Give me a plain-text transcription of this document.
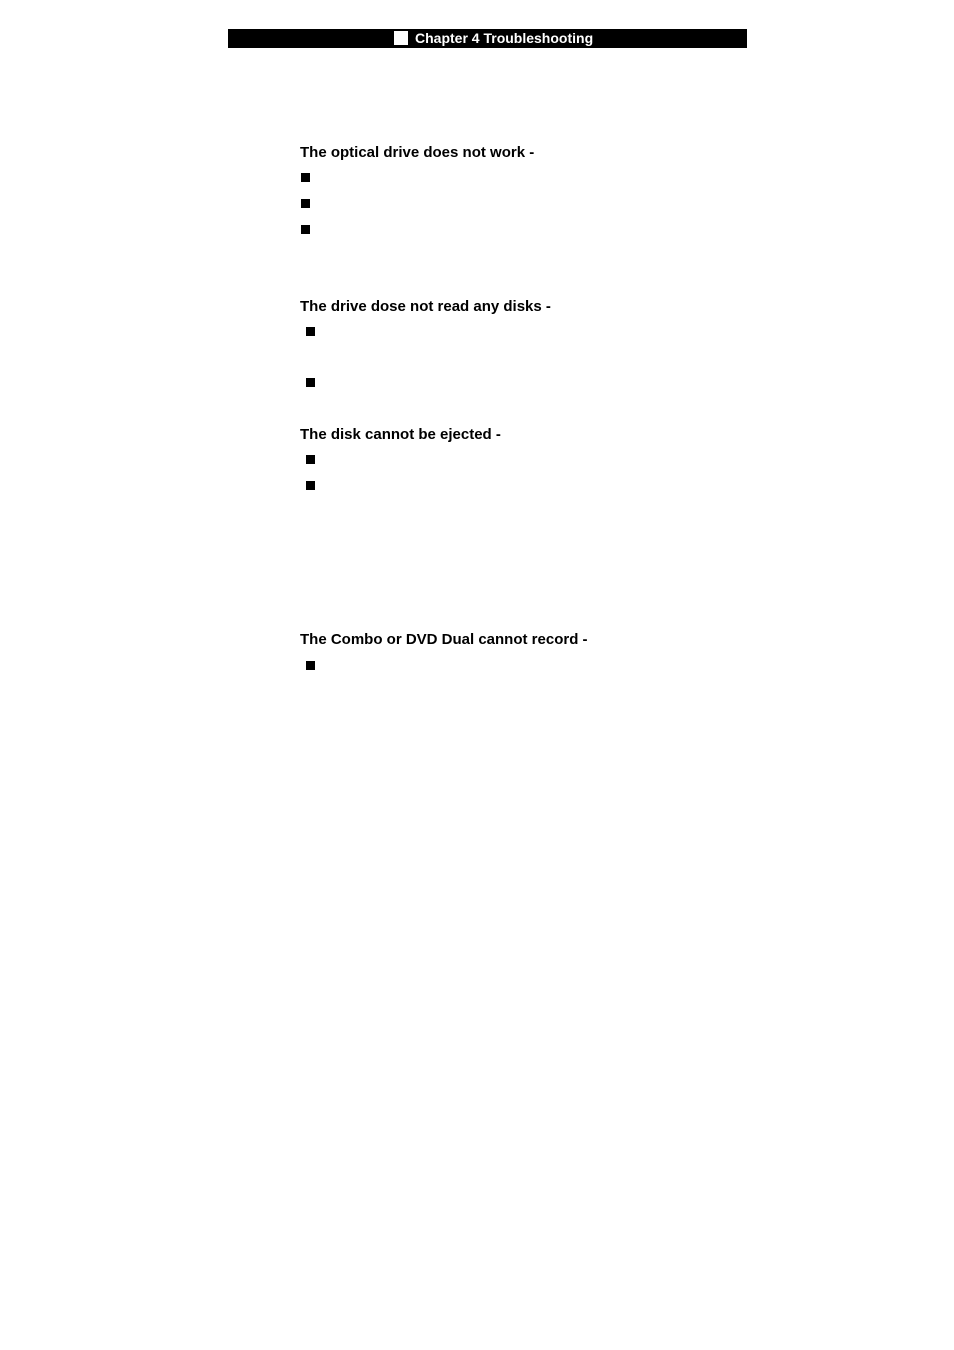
Chapter 4 Troubleshooting
The optical drive does not work -
The drive dose not read any disks -
The disk cannot be ejected -
The Combo or DVD Dual cannot record -
